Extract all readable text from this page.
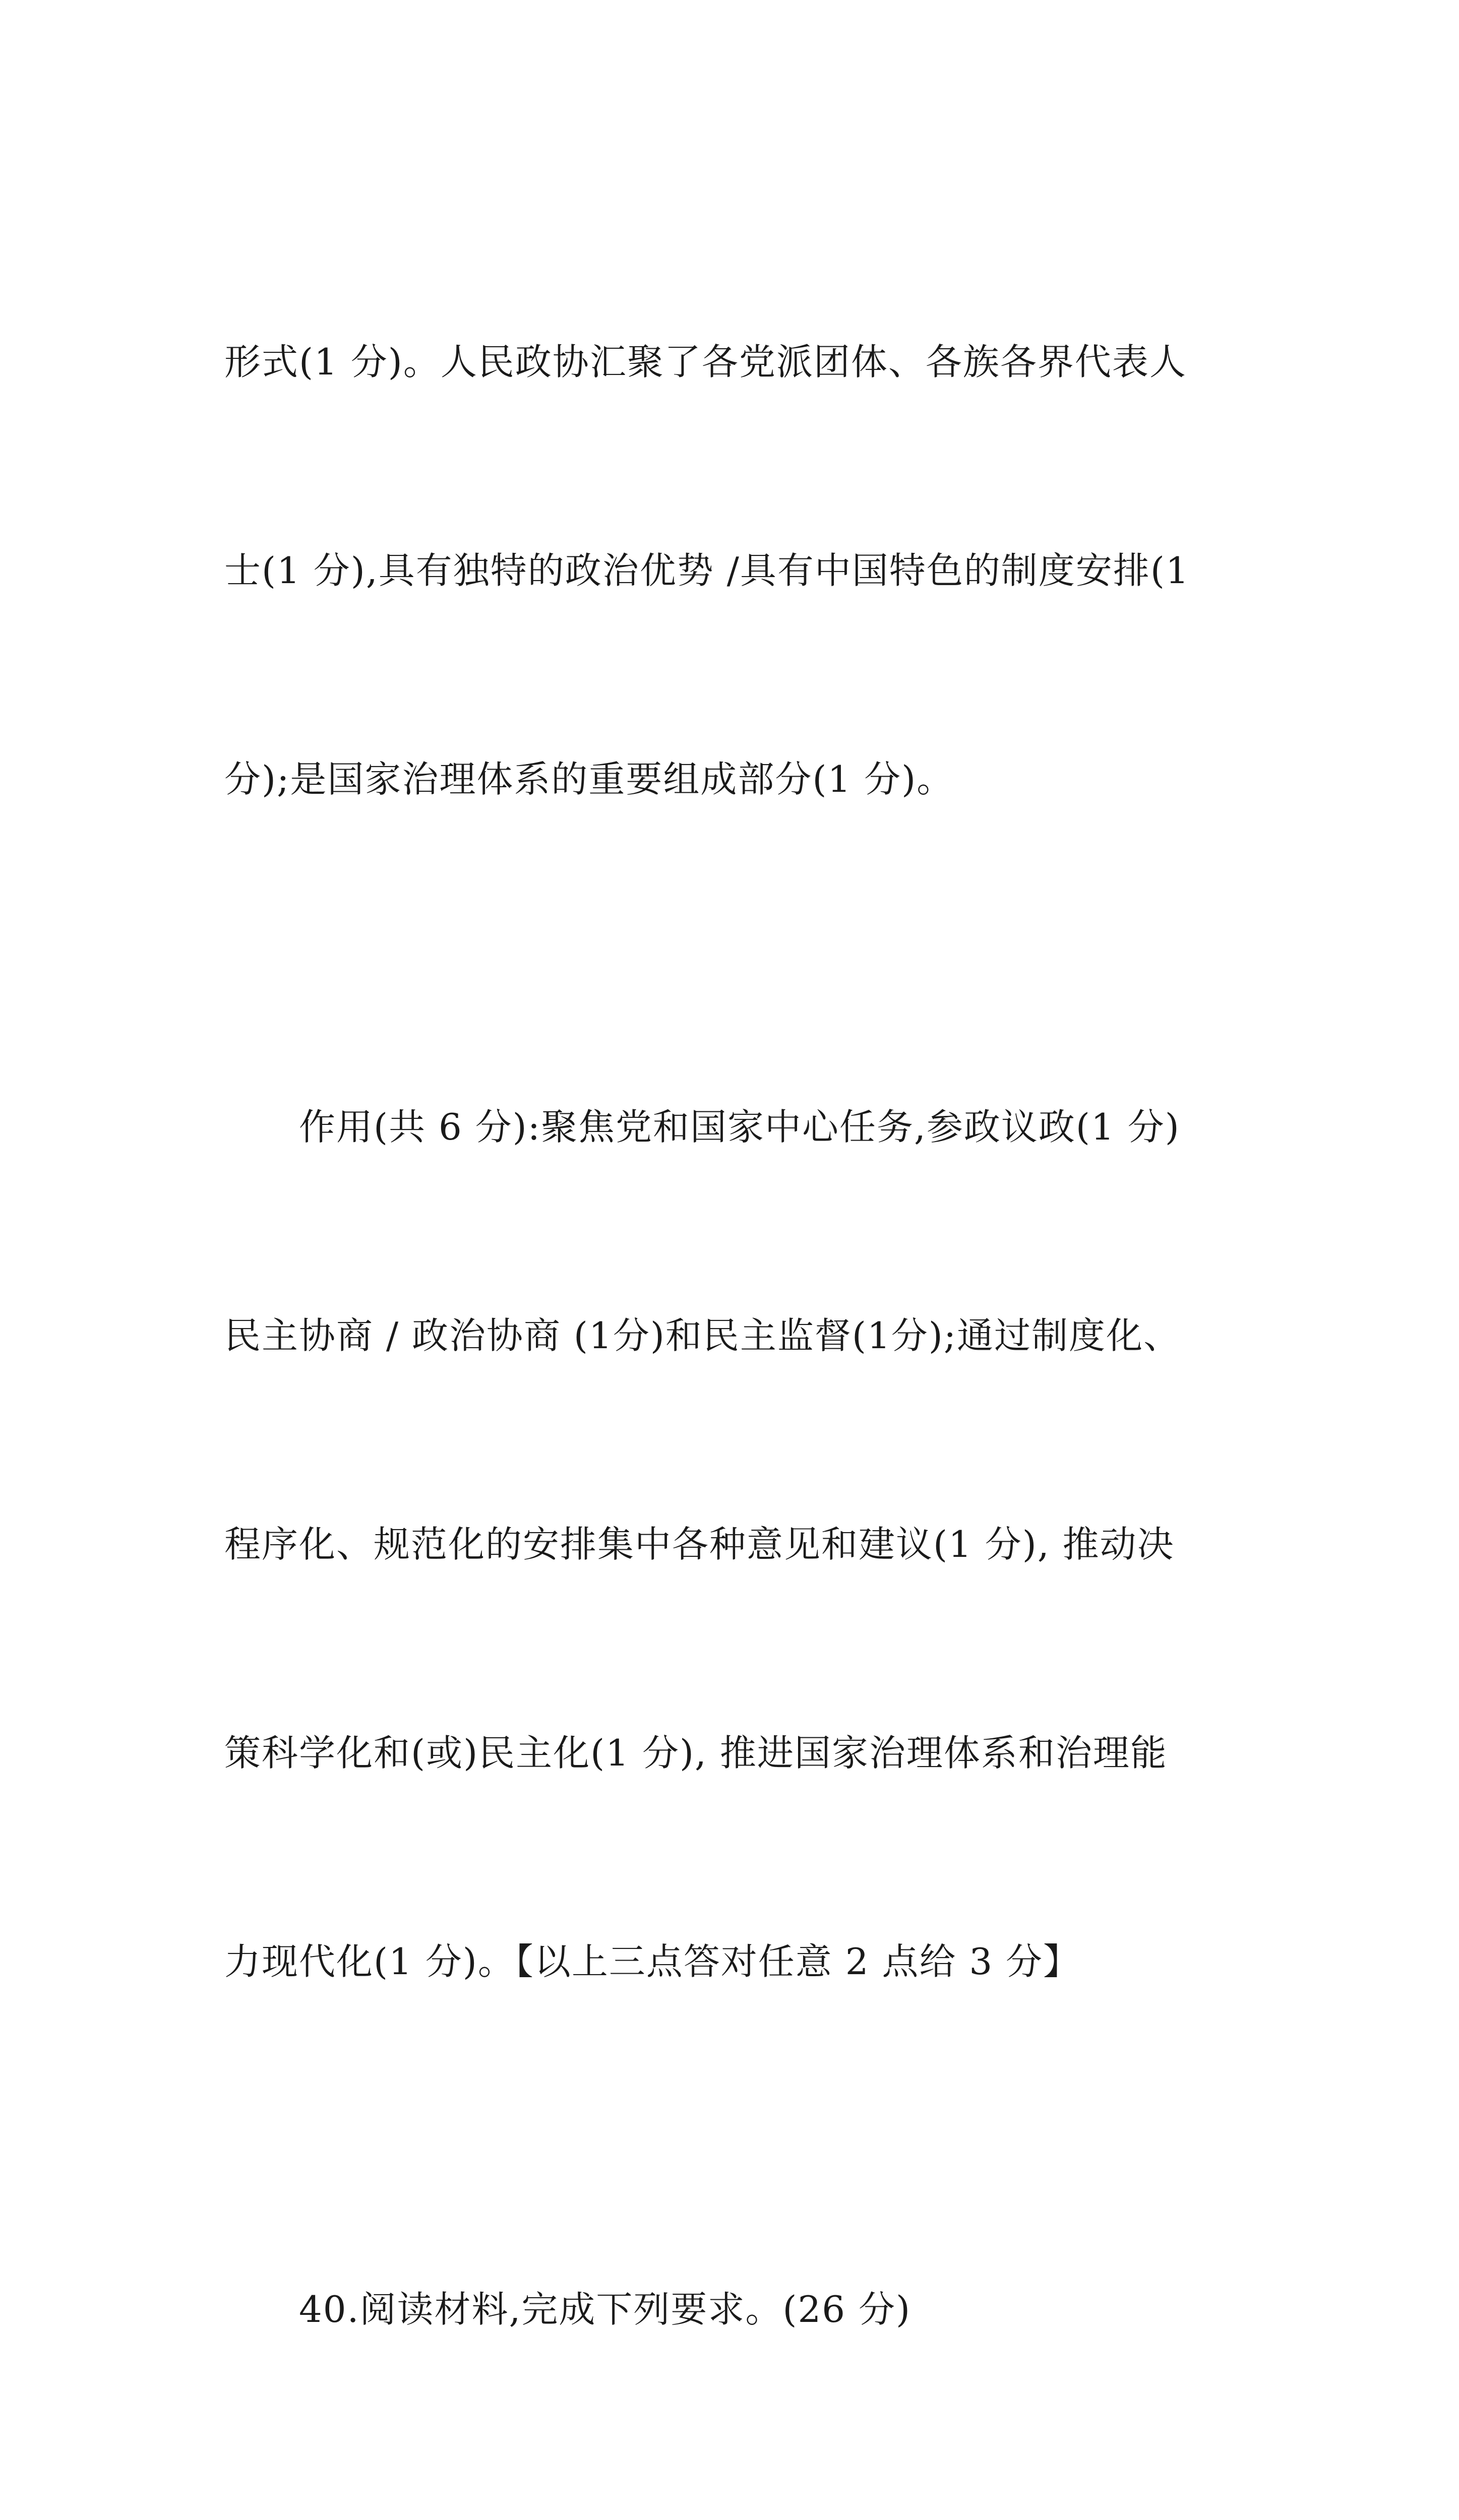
形式(1 分)。人民政协汇聚了各党派团体、各族各界代表人

士(1 分),具有独特的政治优势 /具有中国特色的制度安排(1

分);是国家治理体系的重要组成部分(1 分)。

作用(共 6 分):聚焦党和国家中心任务,参政议政(1 分)

民主协商 / 政治协商 (1分)和民主监督(1分);通过制度化、

程序化、规范化的安排集中各种意见和建议(1 分), 推动决

策科学化和(或)民主化(1 分), 推进国家治理体系和治理能

力现代化(1 分)。【以上三点答对任意 2 点给 3 分】

40.阅读材料,完成下列要求。(26 分)
